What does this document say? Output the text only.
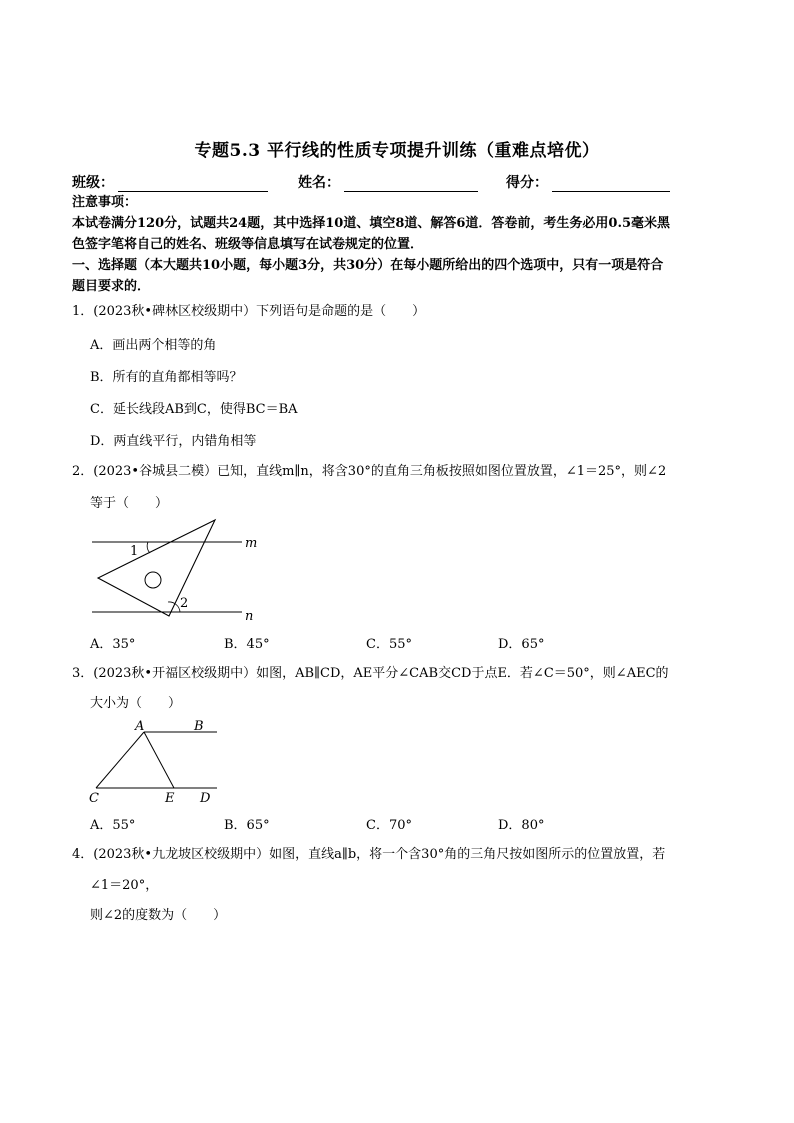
专题5.3 平行线的性质专项提升训练（重难点培优）
班级：	姓名：	得分：
注意事项：
本试卷满分120分，试题共24题，其中选择10道、填空8道、解答6道．答卷前，考生务必用0.5毫米黑
色签字笔将自己的姓名、班级等信息填写在试卷规定的位置．
一、选择题（本大题共10小题，每小题3分，共30分）在每小题所给出的四个选项中，只有一项是符合
题目要求的．
1．(2023秋•碑林区校级期中）下列语句是命题的是（　　）
A．画出两个相等的角
B．所有的直角都相等吗？
C．延长线段AB到C，使得BC＝BA
D．两直线平行，内错角相等
2．(2023•谷城县二模）已知，直线m∥n，将含30°的直角三角板按照如图位置放置，∠1＝25°，则∠2
等于（　　）
m
n
1
2
A．35°	B．45°	C．55°	D．65°
3．(2023秋•开福区校级期中）如图，AB∥CD，AE平分∠CAB交CD于点E．若∠C＝50°，则∠AEC的
大小为（　　）
A	B
C	E D
A．55°	B．65°	C．70°	D．80°
4．(2023秋•九龙坡区校级期中）如图，直线a∥b，将一个含30°角的三角尺按如图所示的位置放置，若
∠1＝20°，
则∠2的度数为（　　）
